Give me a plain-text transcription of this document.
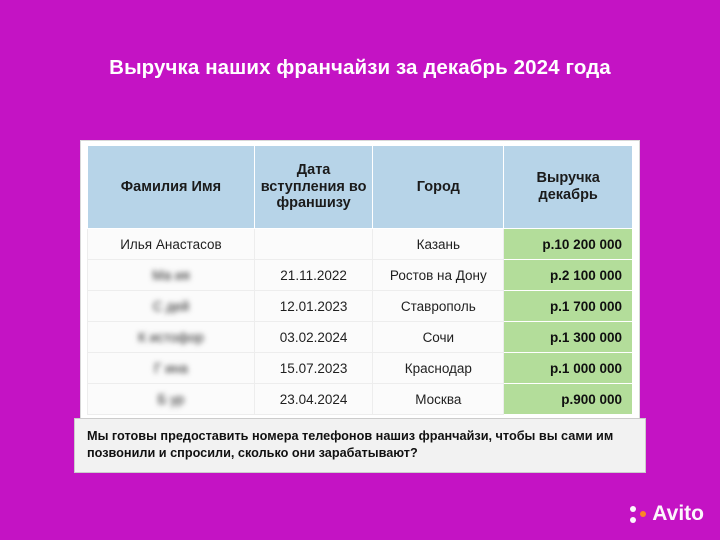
Выручка наших франчайзи за декабрь 2024 года
Фамилия Имя	Дата вступления во франшизу	Город	Выручка декабрь
Илья Анастасов		Казань	р.10 200 000

Ма ия	21.11.2022	Ростов на Дону	р.2 100 000

С дей	12.01.2023	Ставрополь	р.1 700 000

К истофор	03.02.2024	Сочи	р.1 300 000

Г ина	15.07.2023	Краснодар	р.1 000 000

Б ур	23.04.2024	Москва	р.900 000
Мы готовы предоставить номера телефонов нашиз франчайзи, чтобы вы сами им позвонили и спросили, сколько они зарабатывают?
Avito
